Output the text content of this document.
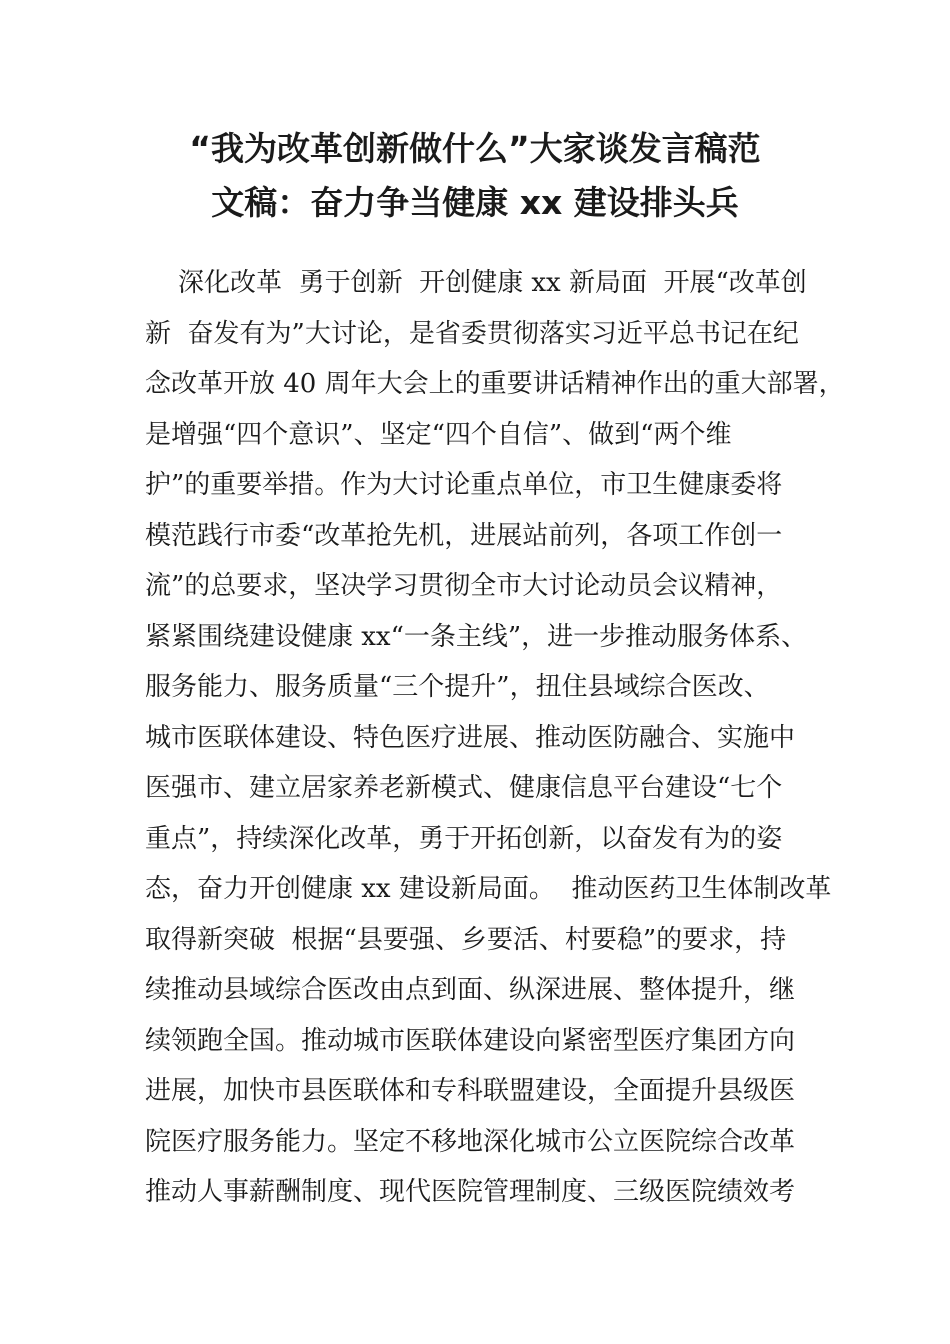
“我为改革创新做什么”大家谈发言稿范
文稿：奋力争当健康 xx 建设排头兵
深化改革  勇于创新  开创健康 xx 新局面  开展“改革创
新  奋发有为”大讨论，是省委贯彻落实习近平总书记在纪
念改革开放 40 周年大会上的重要讲话精神作出的重大部署，
是增强“四个意识”、坚定“四个自信”、做到“两个维
护”的重要举措。作为大讨论重点单位，市卫生健康委将
模范践行市委“改革抢先机，进展站前列，各项工作创一
流”的总要求，坚决学习贯彻全市大讨论动员会议精神，
紧紧围绕建设健康 xx“一条主线”，进一步推动服务体系、
服务能力、服务质量“三个提升”，扭住县域综合医改、
城市医联体建设、特色医疗进展、推动医防融合、实施中
医强市、建立居家养老新模式、健康信息平台建设“七个
重点”，持续深化改革，勇于开拓创新，以奋发有为的姿
态，奋力开创健康 xx 建设新局面。  推动医药卫生体制改革
取得新突破  根据“县要强、乡要活、村要稳”的要求，持
续推动县域综合医改由点到面、纵深进展、整体提升，继
续领跑全国。推动城市医联体建设向紧密型医疗集团方向
进展，加快市县医联体和专科联盟建设，全面提升县级医
院医疗服务能力。坚定不移地深化城市公立医院综合改革
推动人事薪酬制度、现代医院管理制度、三级医院绩效考
